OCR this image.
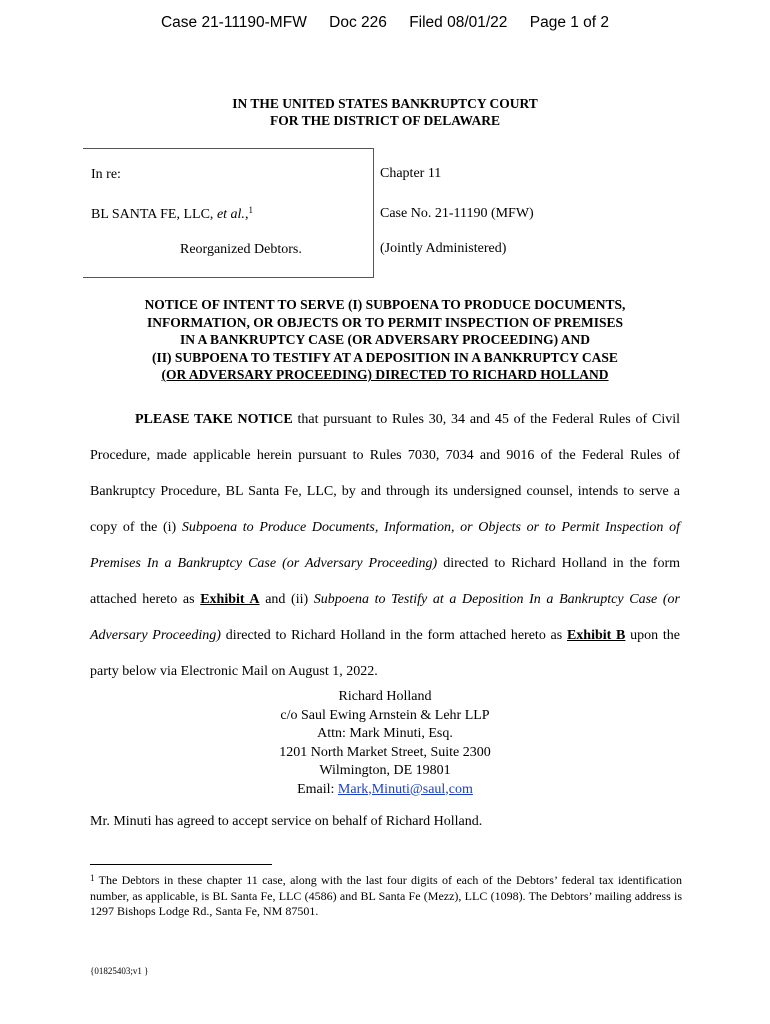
Case 21-11190-MFW Doc 226 Filed 08/01/22 Page 1 of 2
IN THE UNITED STATES BANKRUPTCY COURT
FOR THE DISTRICT OF DELAWARE
In re:
BL SANTA FE, LLC, et al.,$^1$
Reorganized Debtors.
Chapter 11
Case No. 21-11190 (MFW)
(Jointly Administered)
NOTICE OF INTENT TO SERVE (I) SUBPOENA TO PRODUCE DOCUMENTS,
INFORMATION, OR OBJECTS OR TO PERMIT INSPECTION OF PREMISES
IN A BANKRUPTCY CASE (OR ADVERSARY PROCEEDING) AND
(II) SUBPOENA TO TESTIFY AT A DEPOSITION IN A BANKRUPTCY CASE
(OR ADVERSARY PROCEEDING) DIRECTED TO RICHARD HOLLAND

PLEASE TAKE NOTICE that pursuant to Rules 30, 34 and 45 of the Federal Rules of Civil Procedure, made applicable herein pursuant to Rules 7030, 7034 and 9016 of the Federal Rules of Bankruptcy Procedure, BL Santa Fe, LLC, by and through its undersigned counsel, intends to serve a copy of the (i) Subpoena to Produce Documents, Information, or Objects or to Permit Inspection of Premises In a Bankruptcy Case (or Adversary Proceeding) directed to Richard Holland in the form attached hereto as Exhibit A and (ii) Subpoena to Testify at a Deposition In a Bankruptcy Case (or Adversary Proceeding) directed to Richard Holland in the form attached hereto as Exhibit B upon the party below via Electronic Mail on August 1, 2022.

Richard Holland
c/o Saul Ewing Arnstein & Lehr LLP
Attn: Mark Minuti, Esq.
1201 North Market Street, Suite 2300
Wilmington, DE 19801
Email: Mark,Minuti@saul,com
Mr. Minuti has agreed to accept service on behalf of Richard Holland.
$^1$ The Debtors in these chapter 11 case, along with the last four digits of each of the Debtors’ federal tax identification number, as applicable, is BL Santa Fe, LLC (4586) and BL Santa Fe (Mezz), LLC (1098). The Debtors’ mailing address is 1297 Bishops Lodge Rd., Santa Fe, NM 87501.
{01825403;v1 }
